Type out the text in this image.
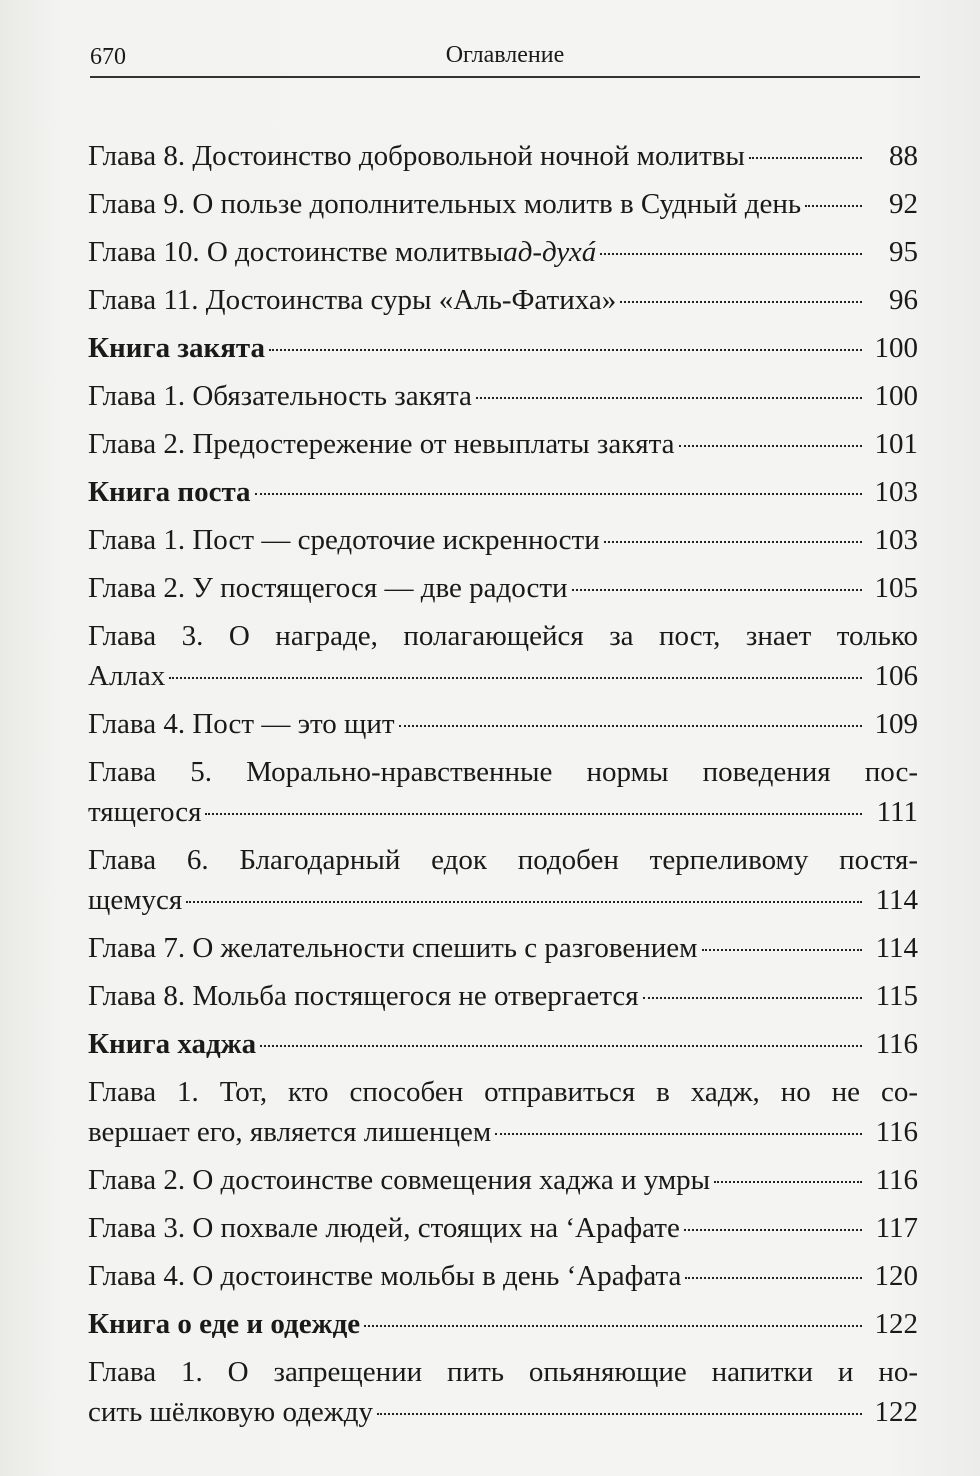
670	Оглавление
Глава 8. Достоинство добровольной ночной молитвы	88
Глава 9. О пользе дополнительных молитв в Судный день	92
Глава 10. О достоинстве молитвы ад-духá	95
Глава 11. Достоинства суры «Аль-Фатиха»	96
Книга закята	100
Глава 1. Обязательность закята	100
Глава 2. Предостережение от невыплаты закята	101
Книга поста	103
Глава 1. Пост — средоточие искренности	103
Глава 2. У постящегося — две радости	105
Глава 3. О награде, полагающейся за пост, знает только
Аллах	106
Глава 4. Пост — это щит	109
Глава 5. Морально-нравственные нормы поведения пос-
тящегося	111
Глава 6. Благодарный едок подобен терпеливому постя-
щемуся	114
Глава 7. О желательности спешить с разговением	114
Глава 8. Мольба постящегося не отвергается	115
Книга хаджа	116
Глава 1. Тот, кто способен отправиться в хадж, но не со-
вершает его, является лишенцем	116
Глава 2. О достоинстве совмещения хаджа и умры	116
Глава 3. О похвале людей, стоящих на ‘Арафате	117
Глава 4. О достоинстве мольбы в день ‘Арафата	120
Книга о еде и одежде	122
Глава 1. О запрещении пить опьяняющие напитки и но-
сить шёлковую одежду	122
